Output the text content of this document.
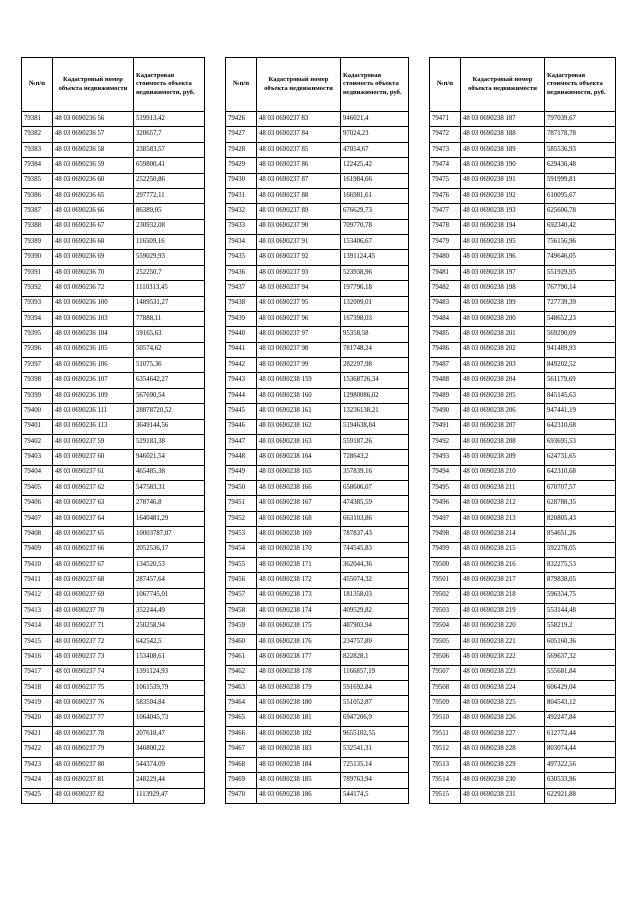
№п/п	Кадастровый номер объекта недвижимости	Кадастровая стоимость объекта недвижимости, руб.
79381	48 03 0690236 56	519913,42
79382	48 03 0690236 57	320657,7
79383	48 03 0690236 58	238583,57
79384	48 03 0690236 59	659800,41
79385	48 03 0690236 60	252250,86
79386	48 03 0690236 65	297772,11
79387	48 03 0690236 66	86389,05
79388	48 03 0690236 67	230932,08
79389	48 03 0690236 68	116509,16
79390	48 03 0690236 69	559029,93
79391	48 03 0690236 70	252250,7
79392	48 03 0690236 72	1110313,45
79393	48 03 0690236 100	1489531,27
79394	48 03 0690236 103	77888,11
79395	48 03 0690236 104	59165,63
79396	48 03 0690236 105	50574,62
79397	48 03 0690236 106	51075,36
79398	48 03 0690236 107	6354642,27
79399	48 03 0690236 109	567690,54
79400	48 03 0690236 111	28878720,52
79401	48 03 0690236 113	3649144,56
79402	48 03 0690237 59	529183,38
79403	48 03 0690237 60	946021,54
79404	48 03 0690237 61	465485,38
79405	48 03 0690237 62	547583,31
79406	48 03 0690237 63	278746,8
79407	48 03 0690237 64	1640481,29
79408	48 03 0690237 65	10003787,87
79409	48 03 0690237 66	2052536,17
79410	48 03 0690237 67	134520,53
79411	48 03 0690237 68	287457,64
79412	48 03 0690237 69	1067745,01
79413	48 03 0690237 70	352244,49
79414	48 03 0690237 71	250258,94
79415	48 03 0690237 72	642542,5
79416	48 03 0690237 73	153408,61
79417	48 03 0690237 74	1391124,93
79418	48 03 0690237 75	1061539,79
79419	48 03 0690237 76	583594,84
79420	48 03 0690237 77	1064045,73
79421	48 03 0690237 78	207618,47
79422	48 03 0690237 79	346800,22
79423	48 03 0690237 80	544374,09
79424	48 03 0690237 81	248229,44
79425	48 03 0690237 82	1113929,47
№п/п	Кадастровый номер объекта недвижимости	Кадастровая стоимость объекта недвижимости, руб.
79426	48 03 0690237 83	946021,4
79427	48 03 0690237 84	97024,23
79428	48 03 0690237 85	47054,67
79429	48 03 0690237 86	122425,42
79430	48 03 0690237 87	161984,66
79431	48 03 0690237 88	166981,61
79432	48 03 0690237 89	676629,73
79433	48 03 0690237 90	709770,78
79434	48 03 0690237 91	153406,67
79435	48 03 0690237 92	1391124,45
79436	48 03 0690237 93	523938,96
79437	48 03 0690237 94	197796,18
79438	48 03 0690237 95	132009,01
79439	48 03 0690237 96	167398,03
79440	48 03 0690237 97	95358,58
79441	48 03 0690237 98	781748,24
79442	48 03 0690237 99	282297,98
79443	48 03 0690238 159	15368726,34
79444	48 03 0690238 160	12980086,02
79445	48 03 0690238 161	13236138,21
79446	48 03 0690238 162	5194638,84
79447	48 03 0690238 163	559187,26
79448	48 03 0690238 164	728643,2
79449	48 03 0690238 165	357839,16
79450	48 03 0690238 166	658606,07
79451	48 03 0690238 167	474385,59
79452	48 03 0690238 168	663103,86
79453	48 03 0690238 169	787837,43
79454	48 03 0690238 170	744545,83
79455	48 03 0690238 171	362044,36
79456	48 03 0690238 172	455074,32
79457	48 03 0690238 173	181358,03
79458	48 03 0690238 174	409529,82
79459	48 03 0690238 175	487903,94
79460	48 03 0690238 176	234757,89
79461	48 03 0690238 177	822828,1
79462	48 03 0690238 178	1166857,19
79463	48 03 0690238 179	591692,84
79464	48 03 0690238 180	551052,87
79465	48 03 0690238 181	6947206,9
79466	48 03 0690238 182	9655102,55
79467	48 03 0690238 183	532541,31
79468	48 03 0690238 184	725135,14
79469	48 03 0690238 185	789763,94
79470	48 03 0690238 186	544174,5
№п/п	Кадастровый номер объекта недвижимости	Кадастровая стоимость объекта недвижимости, руб.
79471	48 03 0690238 187	797039,67
79472	48 03 0690238 188	787178,78
79473	48 03 0690238 189	585536,93
79474	48 03 0690238 190	629436,48
79475	48 03 0690238 191	591999,81
79476	48 03 0690238 192	610095,67
79477	48 03 0690238 193	625606,78
79478	48 03 0690238 194	692340,42
79479	48 03 0690238 195	756156,96
79480	48 03 0690238 196	749646,05
79481	48 03 0690238 197	551929,95
79482	48 03 0690238 198	767790,14
79483	48 03 0690238 199	727739,39
79484	48 03 0690238 200	548652,23
79485	48 03 0690238 201	569290,09
79486	48 03 0690238 202	941489,93
79487	48 03 0690238 203	849202,52
79488	48 03 0690238 204	561179,69
79489	48 03 0690238 205	845145,63
79490	48 03 0690238 206	947441,19
79491	48 03 0690238 207	642310,68
79492	48 03 0690238 208	693695,53
79493	48 03 0690238 209	624731,65
79494	48 03 0690238 210	642310,68
79495	48 03 0690238 211	670707,57
79496	48 03 0690238 212	628788,35
79497	48 03 0690238 213	820805,43
79498	48 03 0690238 214	854651,26
79499	48 03 0690238 215	592278,05
79500	48 03 0690238 216	832275,53
79501	48 03 0690238 217	879838,05
79502	48 03 0690238 218	596334,75
79503	48 03 0690238 219	553144,48
79504	48 03 0690238 220	558219,2
79505	48 03 0690238 221	605160,36
79506	48 03 0690238 222	569637,32
79507	48 03 0690238 223	555681,84
79508	48 03 0690238 224	606429,04
79509	48 03 0690238 225	804543,12
79510	48 03 0690238 226	492247,84
79511	48 03 0690238 227	612772,44
79512	48 03 0690238 228	803074,44
79513	48 03 0690238 229	497322,56
79514	48 03 0690238 230	630533,96
79515	48 03 0690238 231	622921,88
